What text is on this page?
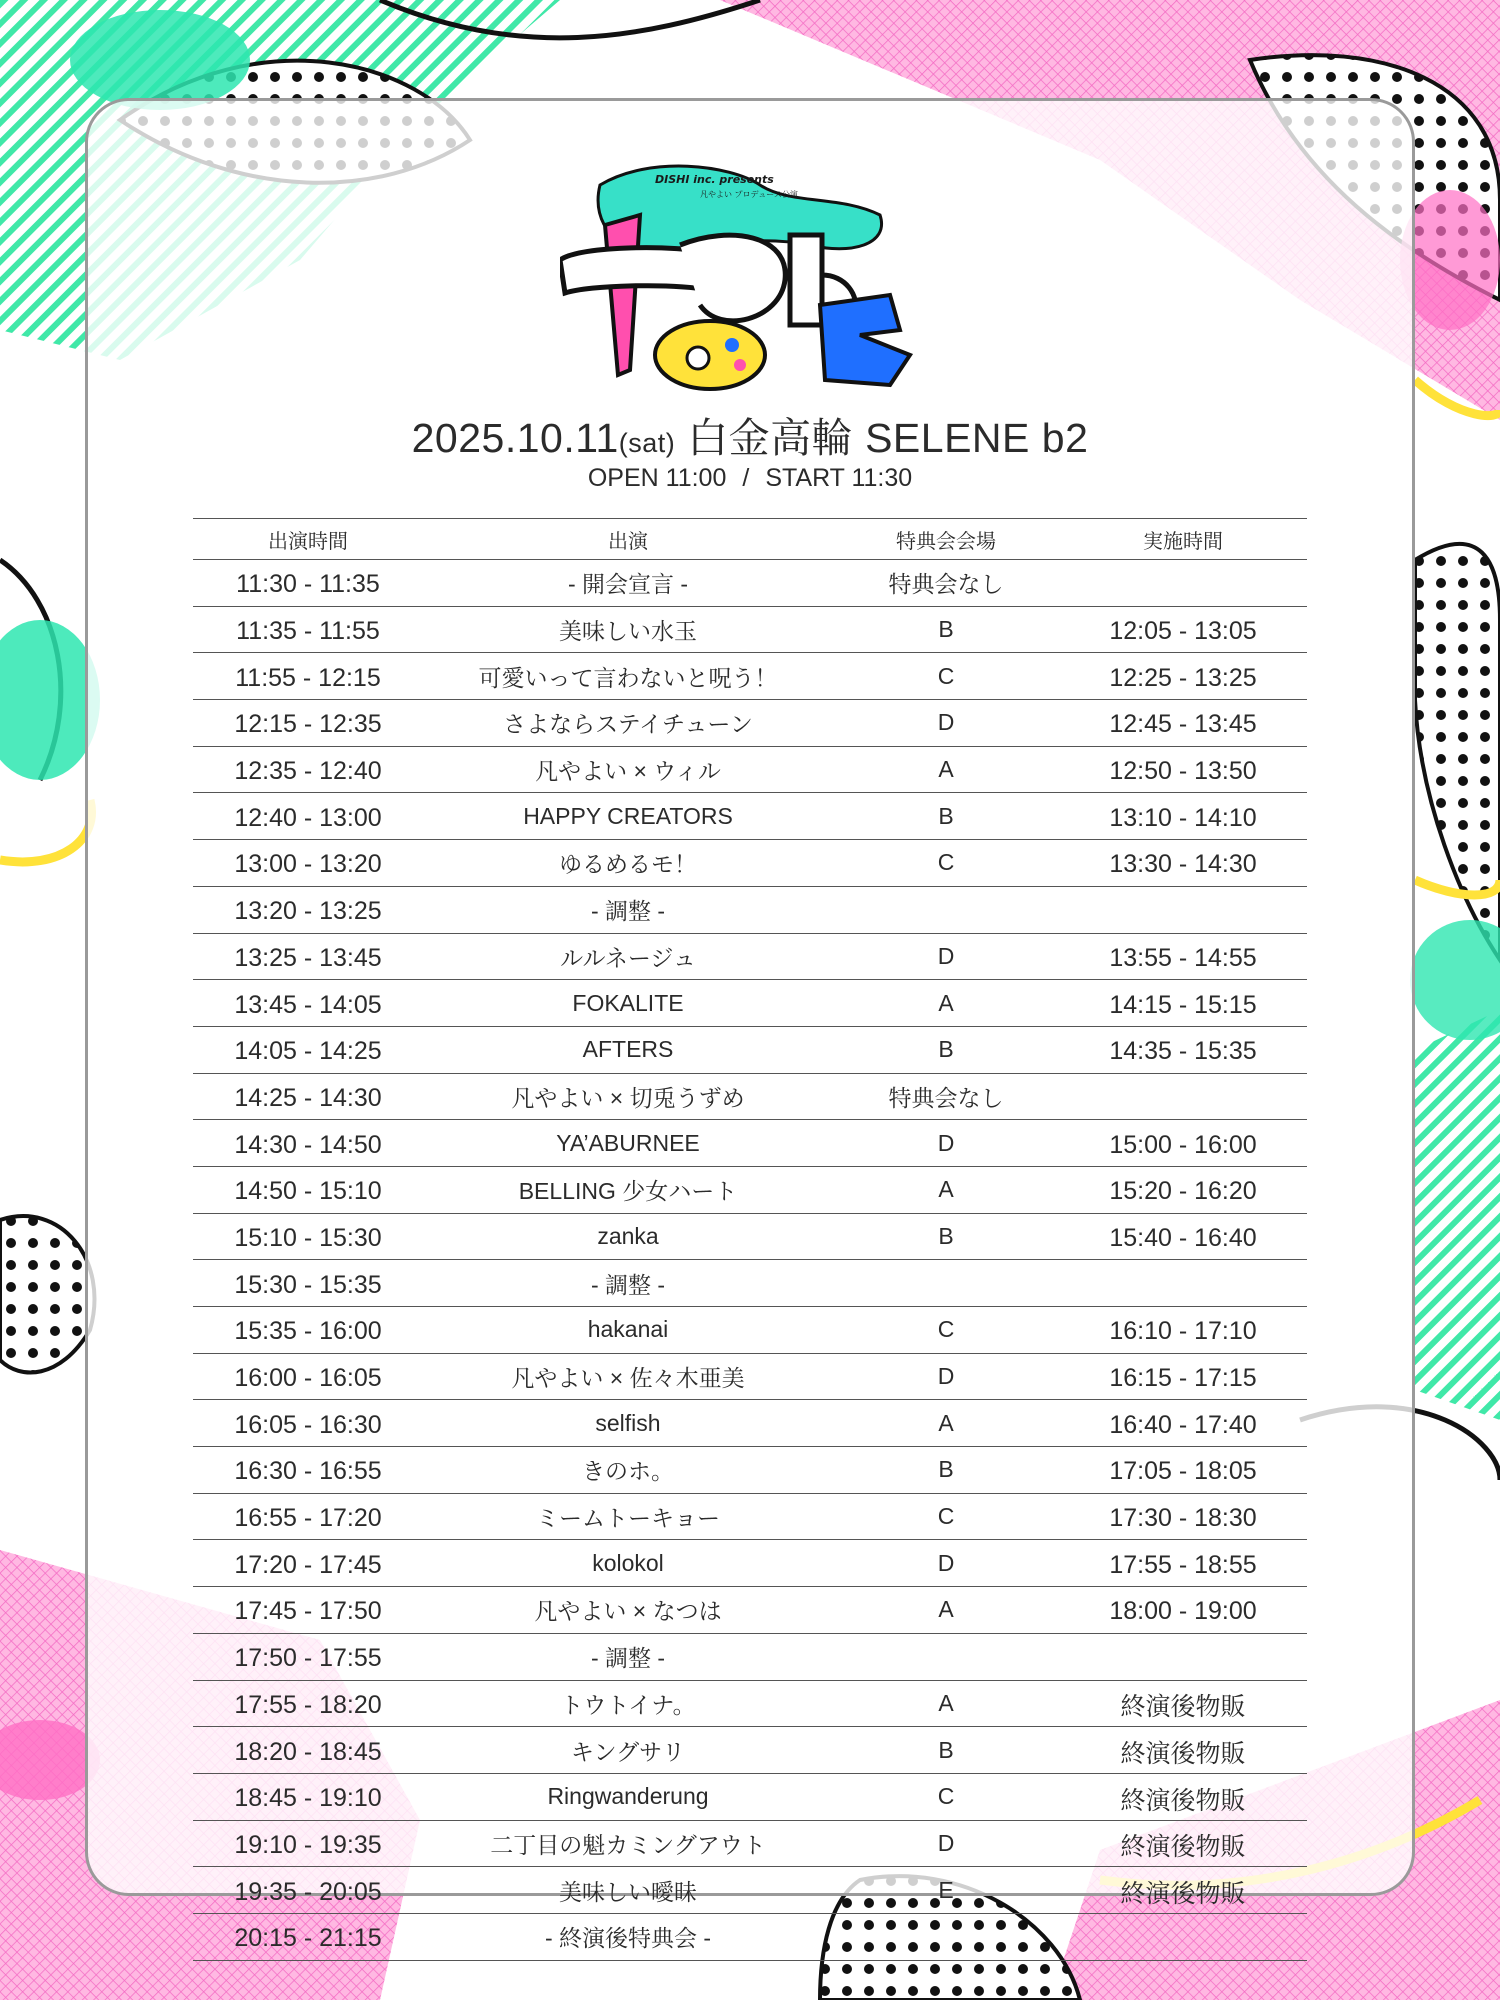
DISHI inc. presents
凡やよい プロデュース公演
2025.10.11(sat) 白金高輪 SELENE b2
OPEN 11:00 / START 11:30
出演時間	出演	特典会会場	実施時間
11:30 - 11:35	- 開会宣言 -	特典会なし	
11:35 - 11:55	美味しい水玉	B	12:05 - 13:05
11:55 - 12:15	可愛いって言わないと呪う！	C	12:25 - 13:25
12:15 - 12:35	さよならステイチューン	D	12:45 - 13:45
12:35 - 12:40	凡やよい × ウィル	A	12:50 - 13:50
12:40 - 13:00	HAPPY CREATORS	B	13:10 - 14:10
13:00 - 13:20	ゆるめるモ！	C	13:30 - 14:30
13:20 - 13:25	- 調整 -		
13:25 - 13:45	ルルネージュ	D	13:55 - 14:55
13:45 - 14:05	FOKALITE	A	14:15 - 15:15
14:05 - 14:25	AFTERS	B	14:35 - 15:35
14:25 - 14:30	凡やよい × 切兎うずめ	特典会なし	
14:30 - 14:50	YA’ABURNEE	D	15:00 - 16:00
14:50 - 15:10	BELLING 少女ハート	A	15:20 - 16:20
15:10 - 15:30	zanka	B	15:40 - 16:40
15:30 - 15:35	- 調整 -		
15:35 - 16:00	hakanai	C	16:10 - 17:10
16:00 - 16:05	凡やよい × 佐々木亜美	D	16:15 - 17:15
16:05 - 16:30	selfish	A	16:40 - 17:40
16:30 - 16:55	きのホ。	B	17:05 - 18:05
16:55 - 17:20	ミームトーキョー	C	17:30 - 18:30
17:20 - 17:45	kolokol	D	17:55 - 18:55
17:45 - 17:50	凡やよい × なつは	A	18:00 - 19:00
17:50 - 17:55	- 調整 -		
17:55 - 18:20	トウトイナ。	A	終演後物販
18:20 - 18:45	キングサリ	B	終演後物販
18:45 - 19:10	Ringwanderung	C	終演後物販
19:10 - 19:35	二丁目の魁カミングアウト	D	終演後物販
19:35 - 20:05	美味しい曖昧	E	終演後物販
20:15 - 21:15	- 終演後特典会 -		
